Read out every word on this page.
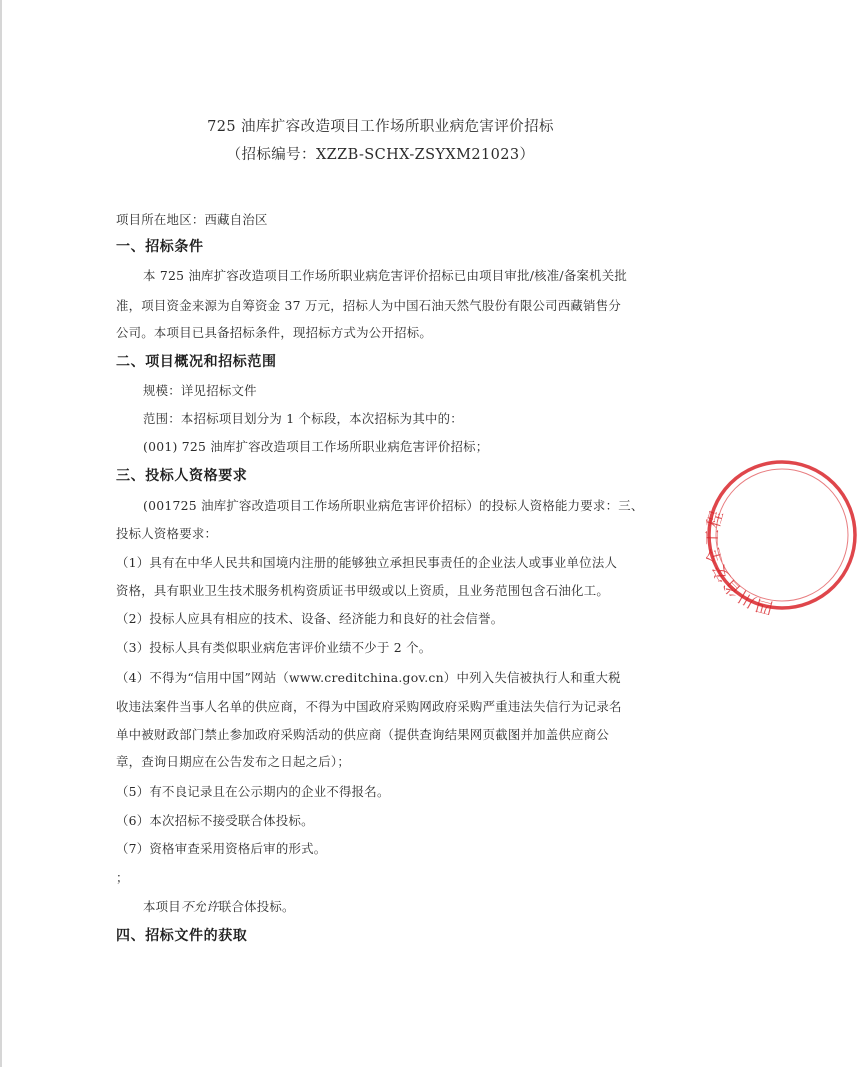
725 油库扩容改造项目工作场所职业病危害评价招标
（招标编号：XZZB-SCHX-ZSYXM21023）
项目所在地区：西藏自治区
一、招标条件
本 725 油库扩容改造项目工作场所职业病危害评价招标已由项目审批/核准/备案机关批
准，项目资金来源为自筹资金 37 万元，招标人为中国石油天然气股份有限公司西藏销售分
公司。本项目已具备招标条件，现招标方式为公开招标。
二、项目概况和招标范围
规模：详见招标文件
范围：本招标项目划分为 1 个标段，本次招标为其中的：
(001) 725 油库扩容改造项目工作场所职业病危害评价招标；
三、投标人资格要求
(001725 油库扩容改造项目工作场所职业病危害评价招标）的投标人资格能力要求：三、
投标人资格要求：
（1）具有在中华人民共和国境内注册的能够独立承担民事责任的企业法人或事业单位法人
资格，具有职业卫生技术服务机构资质证书甲级或以上资质，且业务范围包含石油化工。
（2）投标人应具有相应的技术、设备、经济能力和良好的社会信誉。
（3）投标人具有类似职业病危害评价业绩不少于 2 个。
（4）不得为“信用中国”网站（www.creditchina.gov.cn）中列入失信被执行人和重大税
收违法案件当事人名单的供应商，不得为中国政府采购网政府采购严重违法失信行为记录名
单中被财政部门禁止参加政府采购活动的供应商（提供查询结果网页截图并加盖供应商公
章，查询日期应在公告发布之日起之后）；
（5）有不良记录且在公示期内的企业不得报名。
（6）本次招标不接受联合体投标。
（7）资格审查采用资格后审的形式。
；
本项目不允许联合体投标。
四、招标文件的获取
四川省安全工程
